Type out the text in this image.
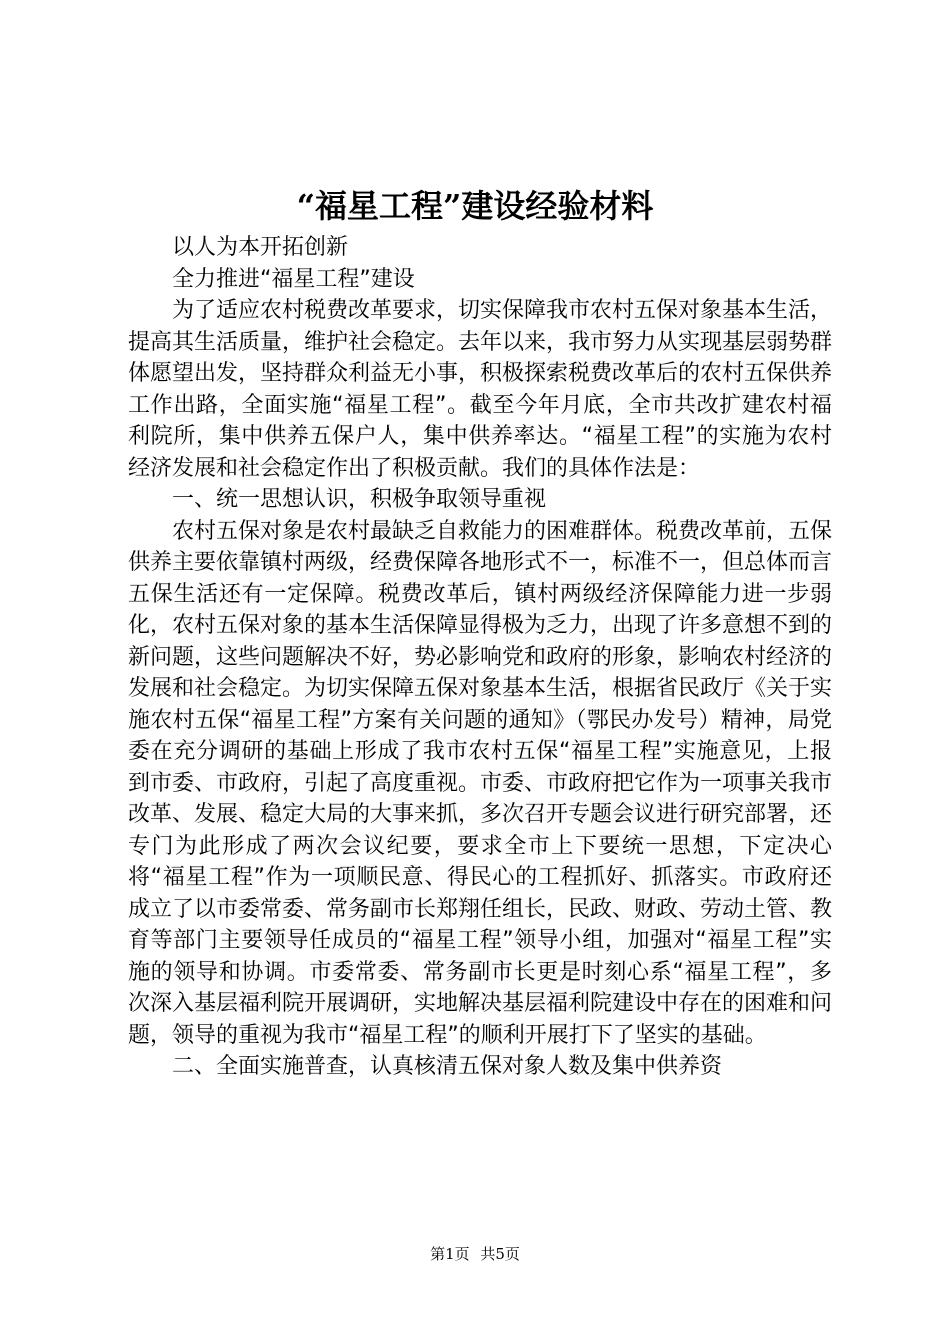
“福星工程”建设经验材料

以人为本开拓创新

全力推进“福星工程”建设

为了适应农村税费改革要求，切实保障我市农村五保对象基本生活，提高其生活质量，维护社会稳定。去年以来，我市努力从实现基层弱势群体愿望出发，坚持群众利益无小事，积极探索税费改革后的农村五保供养工作出路，全面实施“福星工程”。截至今年月底，全市共改扩建农村福利院所，集中供养五保户人，集中供养率达。“福星工程”的实施为农村经济发展和社会稳定作出了积极贡献。我们的具体作法是：

一、统一思想认识，积极争取领导重视

农村五保对象是农村最缺乏自救能力的困难群体。税费改革前，五保供养主要依靠镇村两级，经费保障各地形式不一，标准不一，但总体而言五保生活还有一定保障。税费改革后，镇村两级经济保障能力进一步弱化，农村五保对象的基本生活保障显得极为乏力，出现了许多意想不到的新问题，这些问题解决不好，势必影响党和政府的形象，影响农村经济的发展和社会稳定。为切实保障五保对象基本生活，根据省民政厅《关于实施农村五保“福星工程”方案有关问题的通知》（鄂民办发号）精神，局党委在充分调研的基础上形成了我市农村五保“福星工程”实施意见，上报到市委、市政府，引起了高度重视。市委、市政府把它作为一项事关我市改革、发展、稳定大局的大事来抓，多次召开专题会议进行研究部署，还专门为此形成了两次会议纪要，要求全市上下要统一思想，下定决心将“福星工程”作为一项顺民意、得民心的工程抓好、抓落实。市政府还成立了以市委常委、常务副市长郑翔任组长，民政、财政、劳动土管、教育等部门主要领导任成员的“福星工程”领导小组，加强对“福星工程”实施的领导和协调。市委常委、常务副市长更是时刻心系“福星工程”，多次深入基层福利院开展调研，实地解决基层福利院建设中存在的困难和问题，领导的重视为我市“福星工程”的顺利开展打下了坚实的基础。

二、全面实施普查，认真核清五保对象人数及集中供养资

第1页 共5页
